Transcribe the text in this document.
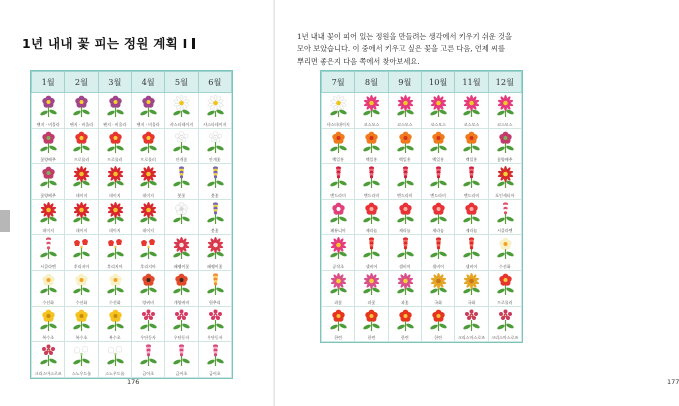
1년 내내 꽃 피는 정원 계획 Ⅰ
1월	2월	3월	4월	5월	6월

팬지 · 비올라	팬지 · 비올라	팬지 · 비올라	팬지 · 비올라	샤스타데이지	샤스타데이지

꽃양배추	프로뮬러	프로뮬러	프로뮬러	안개꽃	안개꽃

꽃양배추	데이지	데이지	데이지	붓꽃	붓꽃

데이지	데이지	데이지	데이지		붓꽃

시클라멘	후리지아	후리지아	후리지아	패랭이꽃	패랭이꽃

수선화	수선화	수선화	양귀비	개양귀비	원추리

복수초	복수초	복수초	우단동자	우단동자	우단동자

크리스마스로즈	스노우드롭	스노우드롭	금어초	금어초	금어초
176

1년 내내 꽃이 피어 있는 정원을 만들려는 생각에서 키우기 쉬운 것을

모아 보았습니다. 이 중에서 키우고 싶은 꽃을 고른 다음, 언제 씨를

뿌리면 좋은지 다음 쪽에서 찾아보세요.

7월	8월	9월	10월	11월	12월

샤스타데이지	코스모스	코스모스	코스모스	코스모스	코스모스

백일홍	백일홍	백일홍	백일홍	백일홍	꽃양배추

맨드라미	맨드라미	맨드라미	맨드라미	맨드라미	포인세티아

페튜니아	제라늄	제라늄	제라늄	제라늄	시클라멘

공작초	샐비어	샐비어	샐비어	샐비어	수선화

과꽃	과꽃	과꽃	국화	국화	프로뮬러

한련	한련	한련	한련	크리스마스로즈	크리스마스로즈
177
